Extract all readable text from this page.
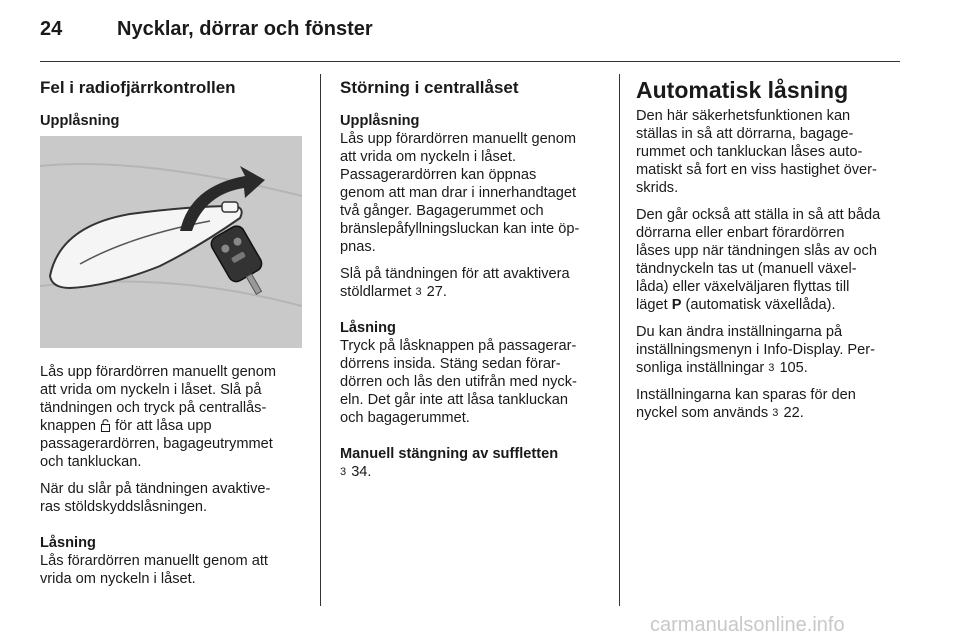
24	Nycklar, dörrar och fönster
Fel i radiofjärrkontrollen
Upplåsning

Lås upp förardörren manuellt genom
att vrida om nyckeln i låset. Slå på
tändningen och tryck på centrallås-
knappen  för att låsa upp
passagerardörren, bagageutrymmet
och tankluckan.

När du slår på tändningen avaktive-
ras stöldskyddslåsningen.

Låsning

Lås förardörren manuellt genom att
vrida om nyckeln i låset.

Störning i centrallåset
Upplåsning

Lås upp förardörren manuellt genom
att vrida om nyckeln i låset.
Passagerardörren kan öppnas
genom att man drar i innerhandtaget
två gånger. Bagagerummet och
bränslepåfyllningsluckan kan inte öp-
pnas.

Slå på tändningen för att avaktivera
stöldlarmet 3 27.

Låsning

Tryck på låsknappen på passagerar-
dörrens insida. Stäng sedan förar-
dörren och lås den utifrån med nyck-
eln. Det går inte att låsa tankluckan
och bagagerummet.

Manuell stängning av suffletten

3 34.

Automatisk låsning

Den här säkerhetsfunktionen kan
ställas in så att dörrarna, bagage-
rummet och tankluckan låses auto-
matiskt så fort en viss hastighet över-
skrids.

Den går också att ställa in så att båda
dörrarna eller enbart förardörren
låses upp när tändningen slås av och
tändnyckeln tas ut (manuell växel-
låda) eller växelväljaren flyttas till
läget P (automatisk växellåda).

Du kan ändra inställningarna på
inställningsmenyn i Info-Display. Per-
sonliga inställningar 3 105.

Inställningarna kan sparas för den
nyckel som används 3 22.

carmanualsonline.info
